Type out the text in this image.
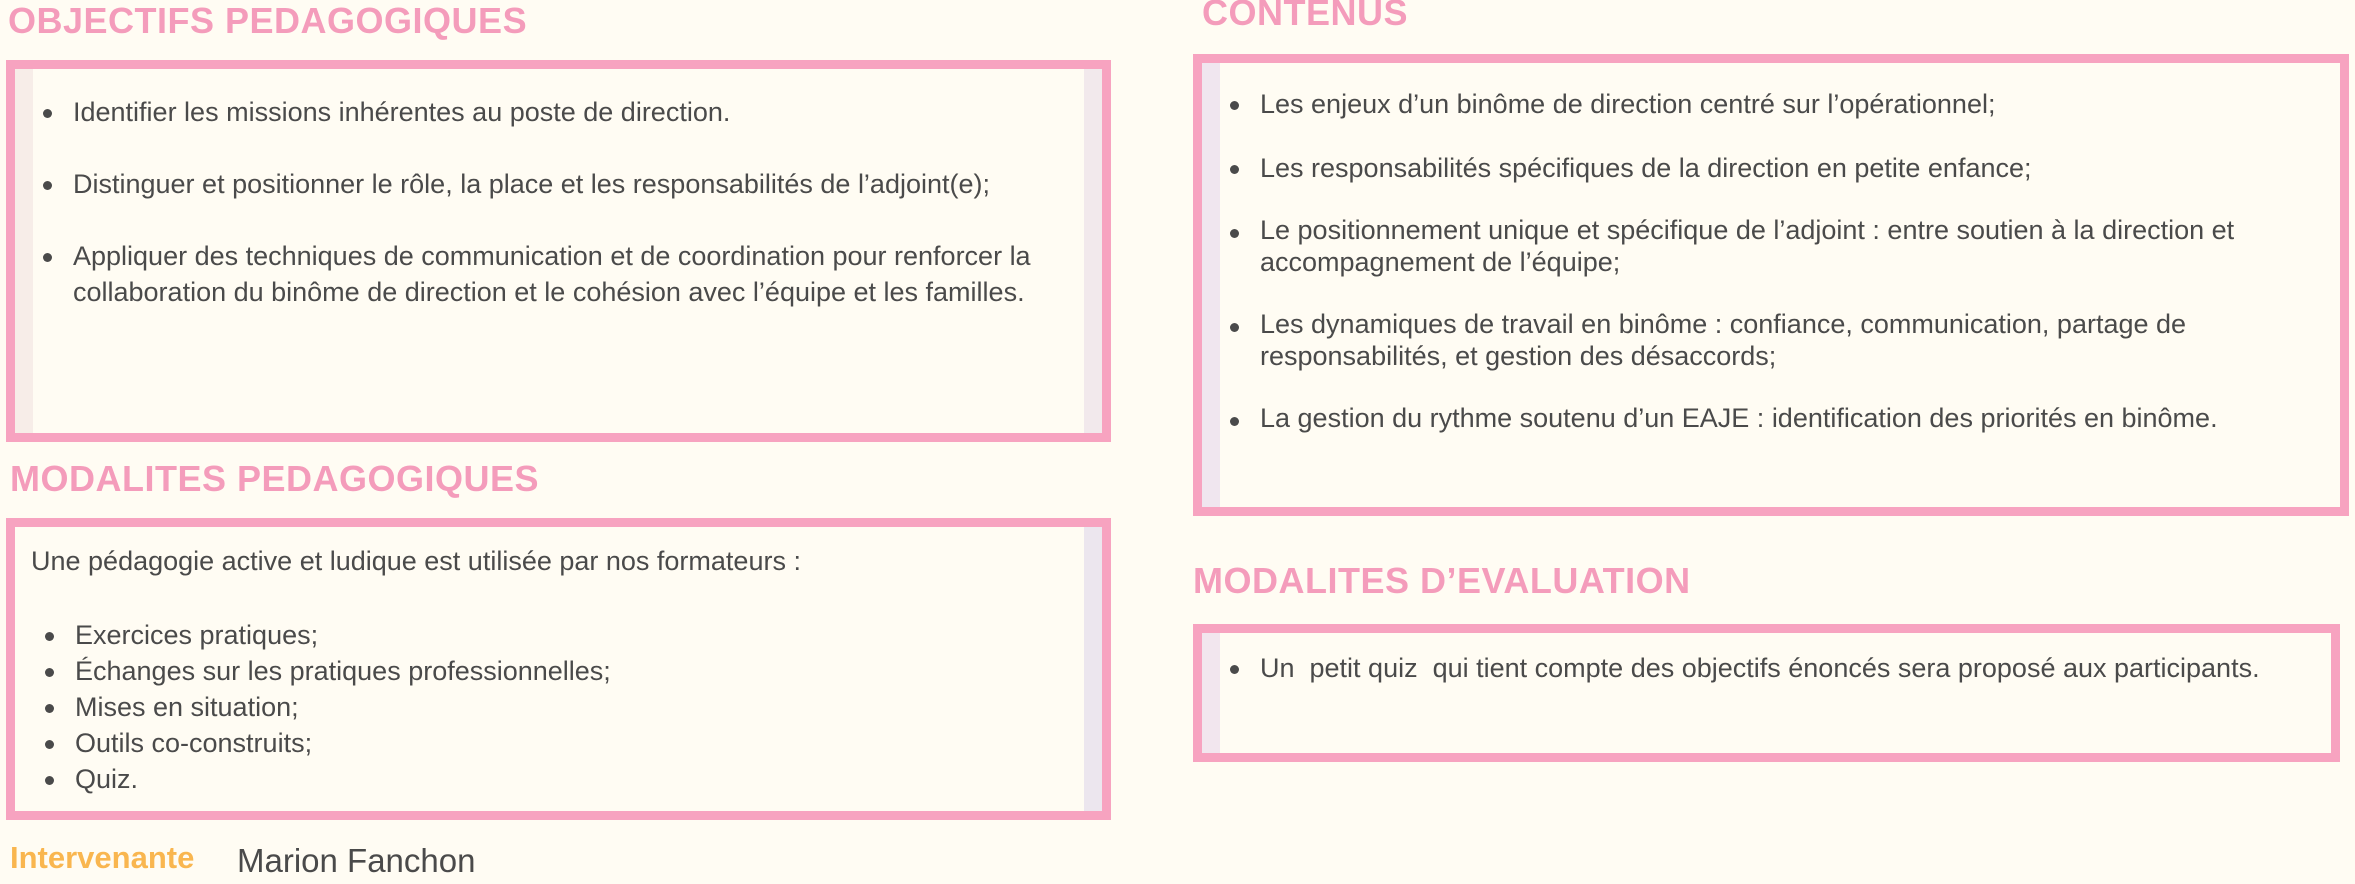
OBJECTIFS PEDAGOGIQUES
Identifier les missions inhérentes au poste de direction.
Distinguer et positionner le rôle, la place et les responsabilités de l’adjoint(e);
Appliquer des techniques de communication et de coordination pour renforcer la collaboration du binôme de direction et le cohésion avec l’équipe et les familles.
MODALITES PEDAGOGIQUES

Une pédagogie active et ludique est utilisée par nos formateurs :

Exercices pratiques;
Échanges sur les pratiques professionnelles;
Mises en situation;
Outils co-construits;
Quiz.
CONTENUS
Les enjeux d’un binôme de direction centré sur l’opérationnel;
Les responsabilités spécifiques de la direction en petite enfance;
Le positionnement unique et spécifique de l’adjoint : entre soutien à la direction et accompagnement de l’équipe;
Les dynamiques de travail en binôme : confiance, communication, partage de responsabilités, et gestion des désaccords;
La gestion du rythme soutenu d’un EAJE : identification des priorités en binôme.
MODALITES D’EVALUATION
Un  petit quiz  qui tient compte des objectifs énoncés sera proposé aux participants.
Intervenante Marion Fanchon
